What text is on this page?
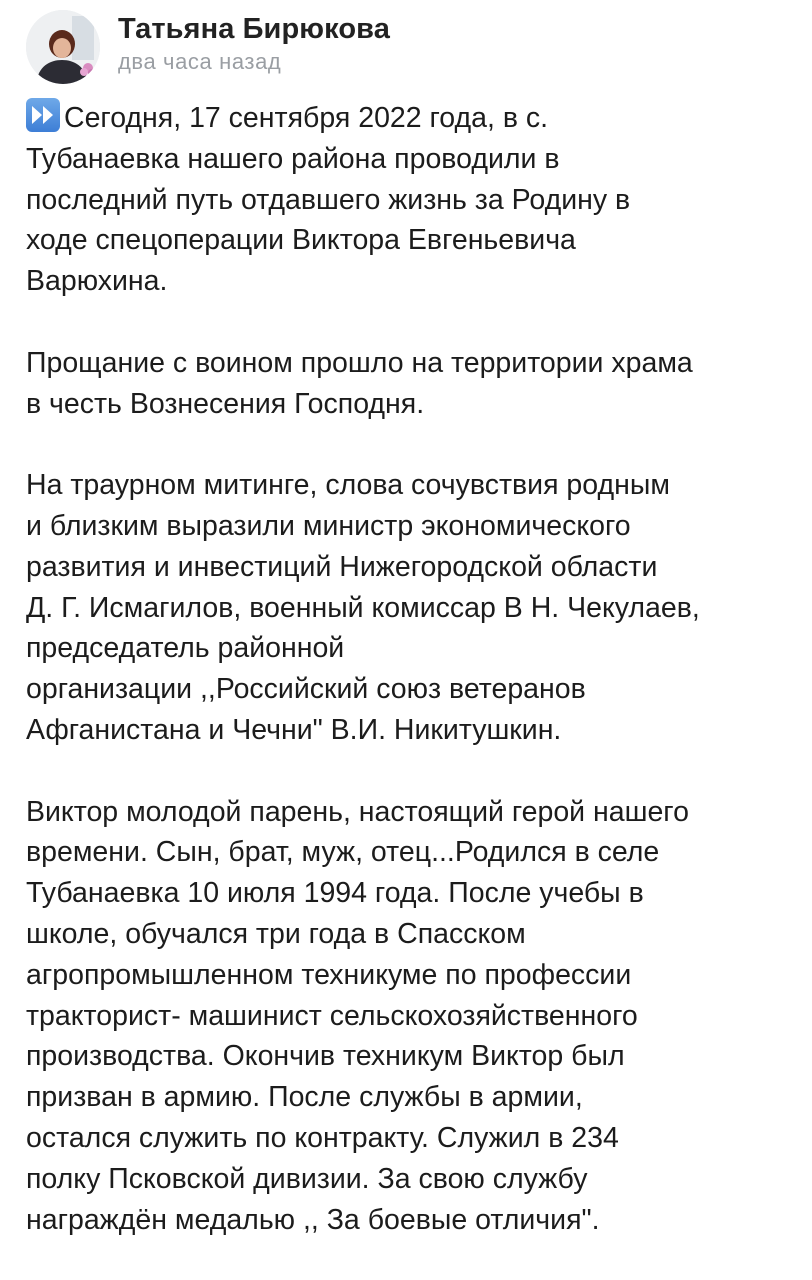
Татьяна Бирюкова
два часа назад

Сегодня, 17 сентября 2022 года, в с.
Тубанаевка нашего района проводили в
последний путь отдавшего жизнь за Родину в
ходе спецоперации Виктора Евгеньевича
Варюхина.

Прощание с воином прошло на территории храма
в честь Вознесения Господня.

На траурном митинге, слова сочувствия родным
и близким выразили министр экономического
развития и инвестиций Нижегородской области
Д. Г. Исмагилов, военный комиссар В Н. Чекулаев,
председатель районной
организации ,,Российский союз ветеранов
Афганистана и Чечни" В.И. Никитушкин.

Виктор молодой парень, настоящий герой нашего
времени. Сын, брат, муж, отец...Родился в селе
Тубанаевка 10 июля 1994 года. После учебы в
школе, обучался три года в Спасском
агропромышленном техникуме по профессии
тракторист- машинист сельскохозяйственного
производства. Окончив техникум Виктор был
призван в армию. После службы в армии,
остался служить по контракту. Служил в 234
полку Псковской дивизии. За свою службу
награждён медалью ,, За боевые отличия".
